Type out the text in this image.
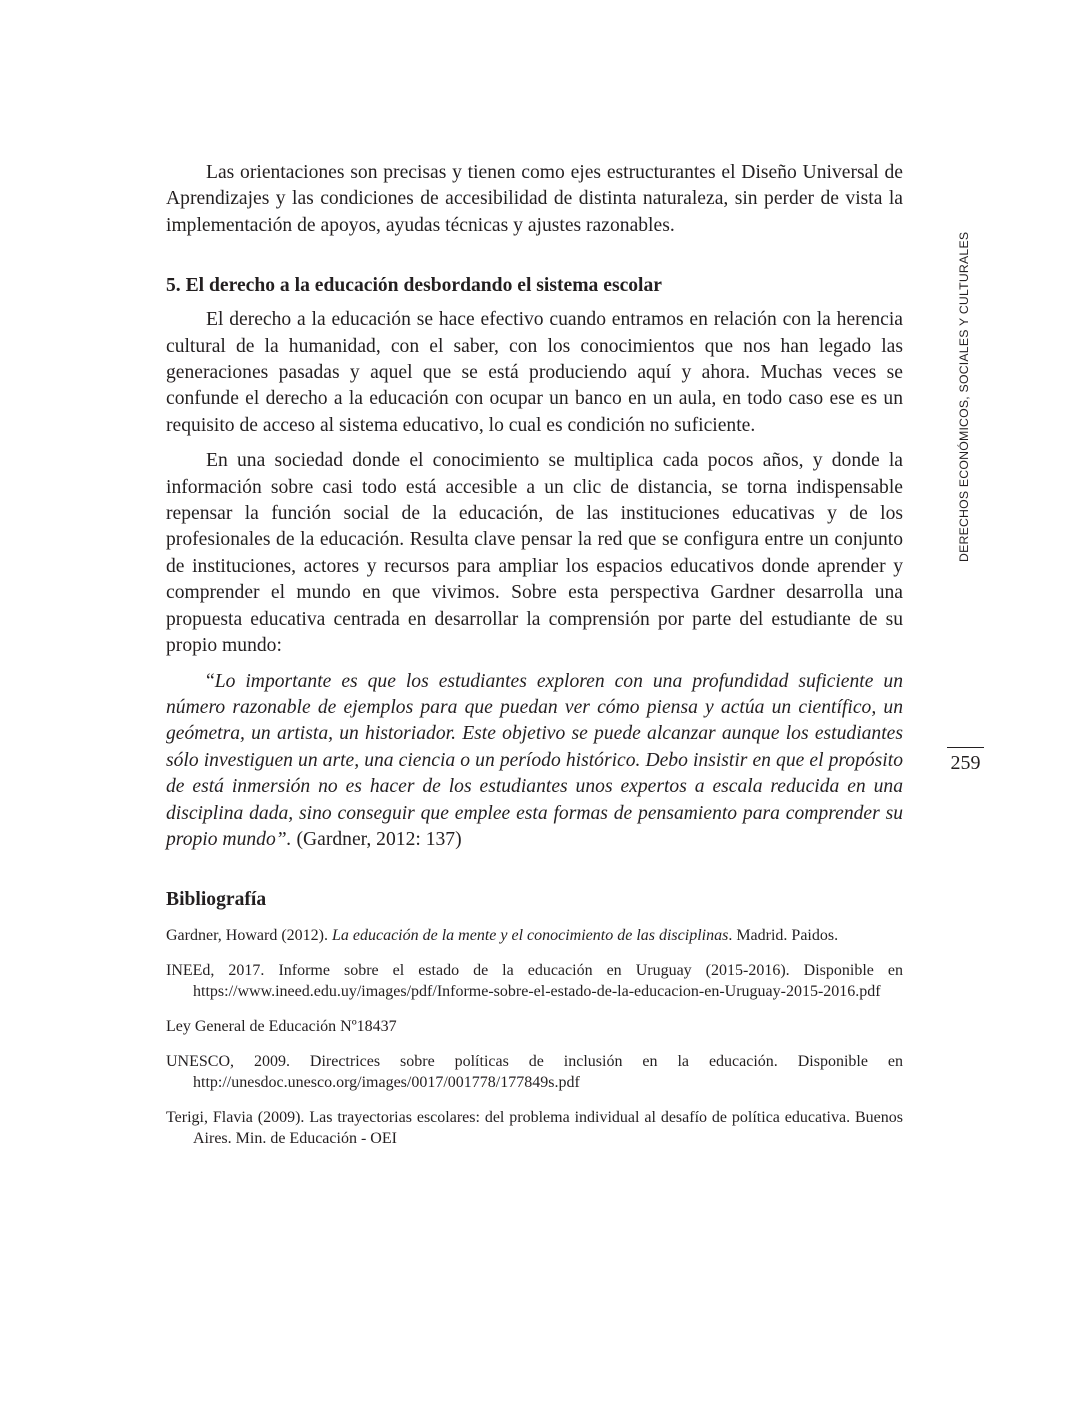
Las orientaciones son precisas y tienen como ejes estructurantes el Diseño Universal de Aprendizajes y las condiciones de accesibilidad de distinta naturaleza, sin perder de vista la implementación de apoyos, ayudas técnicas y ajustes razonables.

5. El derecho a la educación desbordando el sistema escolar

El derecho a la educación se hace efectivo cuando entramos en relación con la herencia cultural de la humanidad, con el saber, con los conocimientos que nos han legado las generaciones pasadas y aquel que se está produciendo aquí y ahora. Muchas veces se confunde el derecho a la educación con ocupar un banco en un aula, en todo caso ese es un requisito de acceso al sistema educativo, lo cual es condición no suficiente.

En una sociedad donde el conocimiento se multiplica cada pocos años, y donde la información sobre casi todo está accesible a un clic de distancia, se torna indispensable repensar la función social de la educación, de las instituciones educativas y de los profesionales de la educación. Resulta clave pensar la red que se configura entre un conjunto de instituciones, actores y recursos para ampliar los espacios educativos donde aprender y comprender el mundo en que vivimos. Sobre esta perspectiva Gardner desarrolla una propuesta educativa centrada en desarrollar la comprensión por parte del estudiante de su propio mundo:

“Lo importante es que los estudiantes exploren con una profundidad suficiente un número razonable de ejemplos para que puedan ver cómo piensa y actúa un científico, un geómetra, un artista, un historiador. Este objetivo se puede alcanzar aunque los estudiantes sólo investiguen un arte, una ciencia o un período histórico. Debo insistir en que el propósito de está inmersión no es hacer de los estudiantes unos expertos a escala reducida en una disciplina dada, sino conseguir que emplee esta formas de pensamiento para comprender su propio mundo”. (Gardner, 2012: 137)

Bibliografía

Gardner, Howard (2012). La educación de la mente y el conocimiento de las disciplinas. Madrid. Paidos.

INEEd, 2017. Informe sobre el estado de la educación en Uruguay (2015-2016). Disponible en https://www.ineed.edu.uy/images/pdf/Informe-sobre-el-estado-de-la-educacion-en-Uruguay-2015-2016.pdf

Ley General de Educación Nº18437

UNESCO, 2009. Directrices sobre políticas de inclusión en la educación. Disponible en http://unesdoc.unesco.org/images/0017/001778/177849s.pdf

Terigi, Flavia (2009). Las trayectorias escolares: del problema individual al desafío de política educativa. Buenos Aires. Min. de Educación - OEI

DERECHOS ECONÓMICOS, SOCIALES Y CULTURALES
259
